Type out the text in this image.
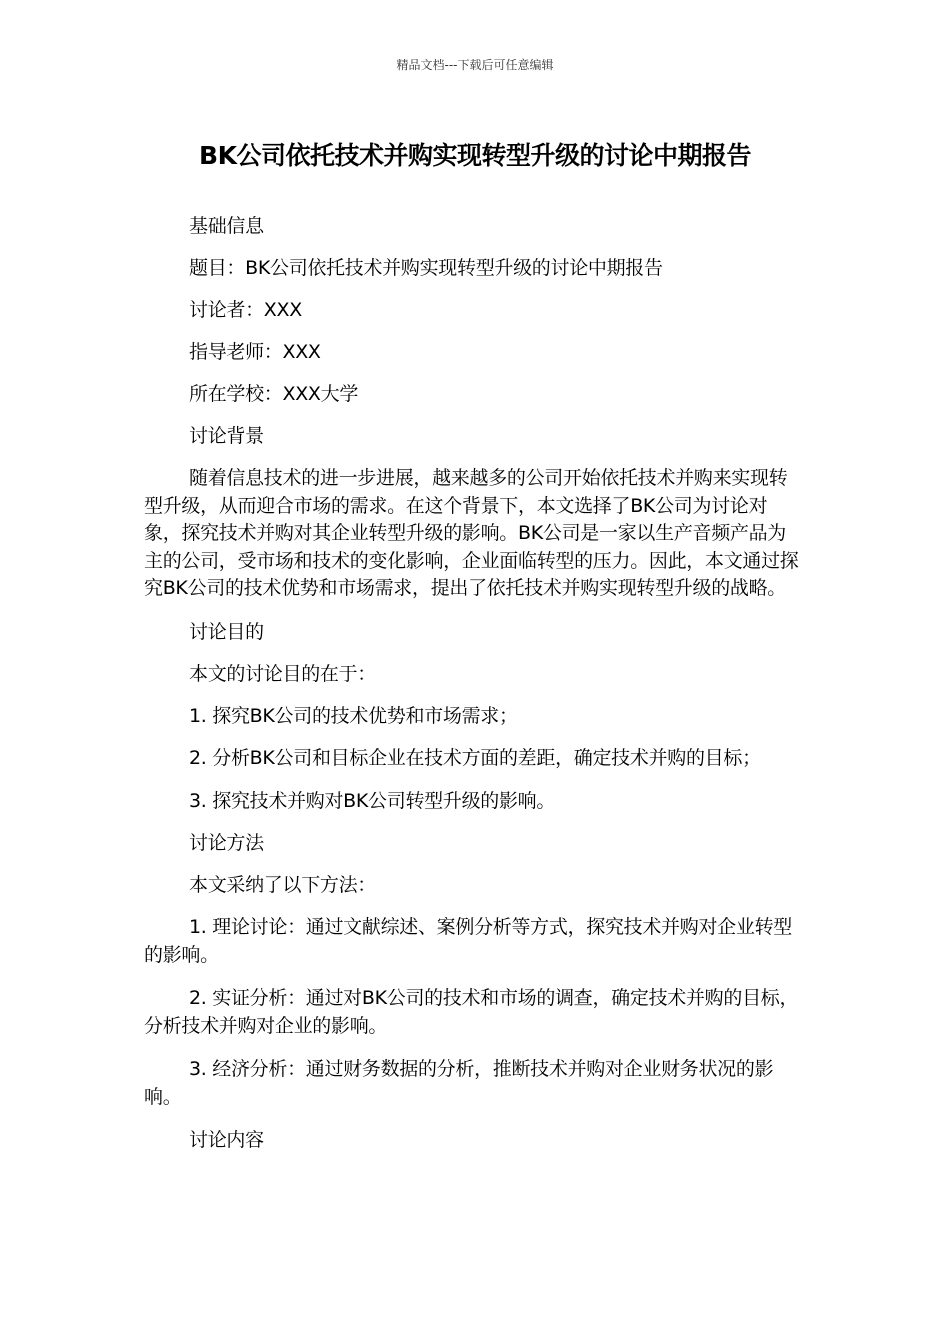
精品文档---下载后可任意编辑
BK公司依托技术并购实现转型升级的讨论中期报告

基础信息

题目：BK公司依托技术并购实现转型升级的讨论中期报告

讨论者：XXX

指导老师：XXX

所在学校：XXX大学

讨论背景

随着信息技术的进一步进展，越来越多的公司开始依托技术并购来实现转型升级，从而迎合市场的需求。在这个背景下，本文选择了BK公司为讨论对象，探究技术并购对其企业转型升级的影响。BK公司是一家以生产音频产品为主的公司，受市场和技术的变化影响，企业面临转型的压力。因此，本文通过探究BK公司的技术优势和市场需求，提出了依托技术并购实现转型升级的战略。

讨论目的

本文的讨论目的在于：

1. 探究BK公司的技术优势和市场需求；

2. 分析BK公司和目标企业在技术方面的差距，确定技术并购的目标；

3. 探究技术并购对BK公司转型升级的影响。

讨论方法

本文采纳了以下方法：

1. 理论讨论：通过文献综述、案例分析等方式，探究技术并购对企业转型的影响。

2. 实证分析：通过对BK公司的技术和市场的调查，确定技术并购的目标，分析技术并购对企业的影响。

3. 经济分析：通过财务数据的分析，推断技术并购对企业财务状况的影响。

讨论内容
